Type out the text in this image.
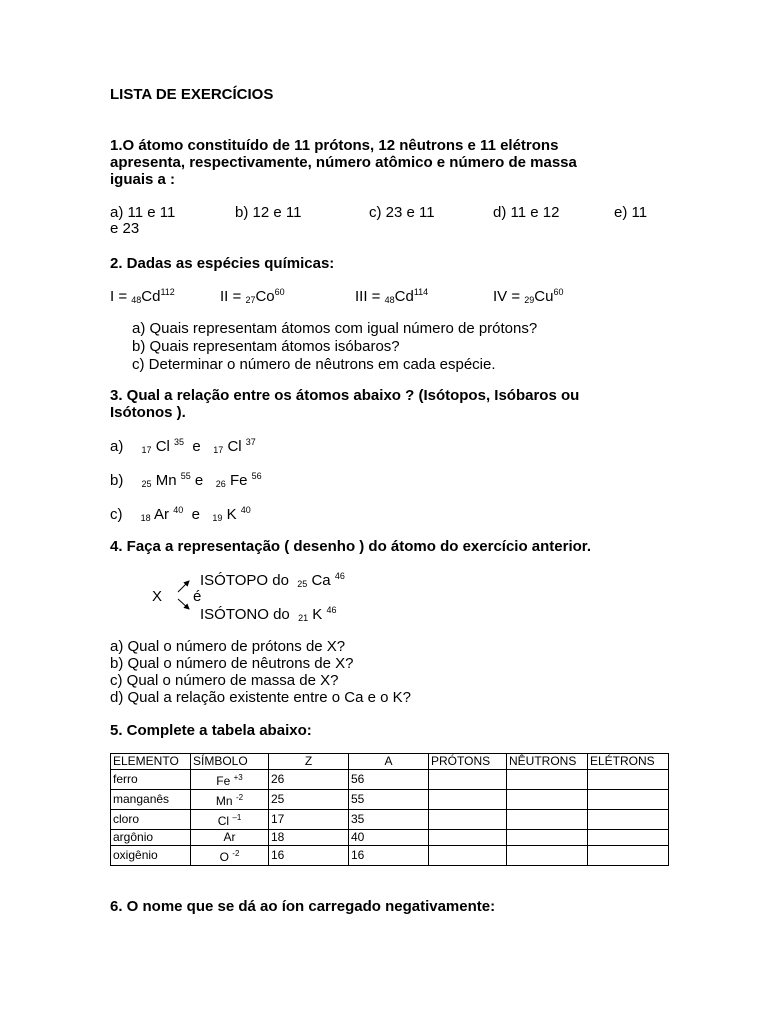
LISTA DE EXERCÍCIOS
1.O átomo constituído de 11 prótons, 12 nêutrons e 11 elétrons
apresenta, respectivamente, número atômico e número de massa
iguais a :
a) 11 e 11	b) 12 e 11	c) 23 e 11	d) 11 e 12	e) 11
e 23
2. Dadas as espécies químicas:
$I = _{48}Cd^{112}$	II = $_{27}Co^{60}$	III = $_{48}Cd^{114}$	IV = $_{29}Cu^{60}$
a) Quais representam átomos com igual número de prótons?
b) Quais representam átomos isóbaros?
c) Determinar o número de nêutrons em cada espécie.
3. Qual a relação entre os átomos abaixo ? (Isótopos, Isóbaros ou
Isótonos ).
a) $_{17}$ Cl $^{35}$ e $_{17}$ Cl $^{37}$
b) $_{25}$ Mn $^{55}$ e $_{26}$ Fe $^{56}$
c) $_{18}$ Ar $^{40}$ e $_{19}$ K $^{40}$
4. Faça a representação ( desenho ) do átomo do exercício anterior.
X é
ISÓTOPO do $_{25}$ Ca $^{46}$
ISÓTONO do $_{21}$ K $^{46}$
a) Qual o número de prótons de X?
b) Qual o número de nêutrons de X?
c) Qual o número de massa de X?
d) Qual a relação existente entre o Ca e o K?
5. Complete a tabela abaixo:
ELEMENTO	SÍMBOLO	Z	A	PRÓTONS	NÊUTRONS	ELÉTRONS
ferro	Fe $^{+3}$	26	56			
manganês	Mn $^{-2}$	25	55			
cloro	Cl $^{-1}$	17	35			
argônio	Ar	18	40			
oxigênio	O $^{-2}$	16	16			
6. O nome que se dá ao íon carregado negativamente:
